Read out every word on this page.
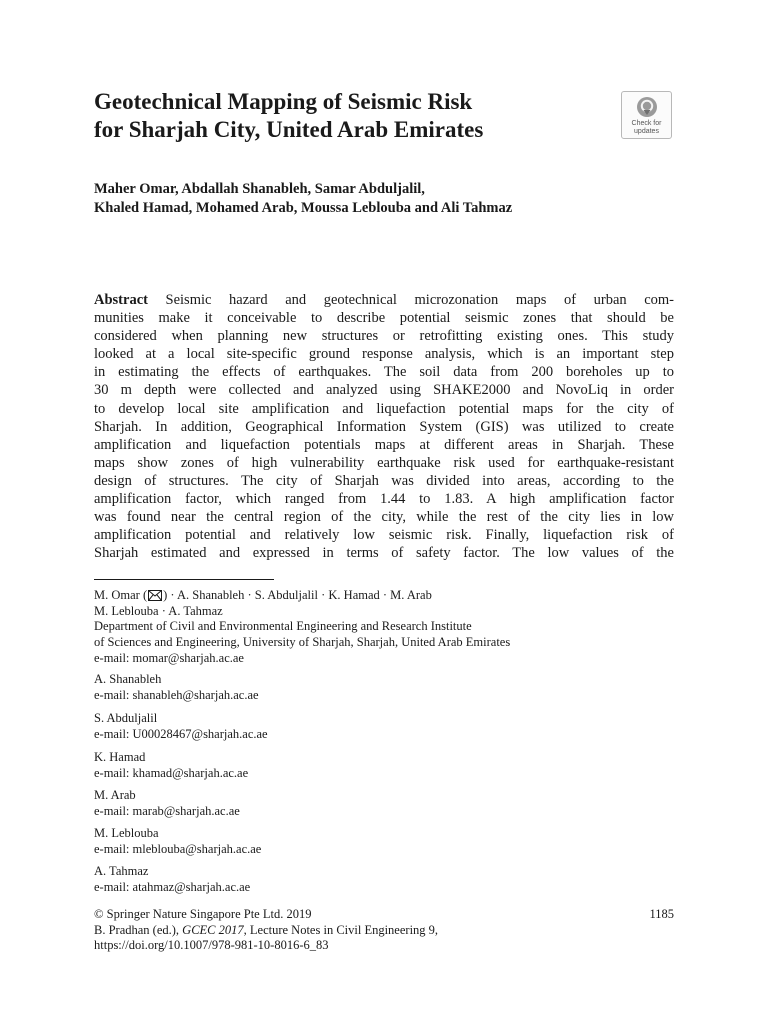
Geotechnical Mapping of Seismic Risk
for Sharjah City, United Arab Emirates	Check for
updates
Maher Omar, Abdallah Shanableh, Samar Abduljalil,
Khaled Hamad, Mohamed Arab, Moussa Leblouba and Ali Tahmaz
Abstract Seismic hazard and geotechnical microzonation maps of urban com-
munities make it conceivable to describe potential seismic zones that should be
considered when planning new structures or retrofitting existing ones. This study
looked at a local site-specific ground response analysis, which is an important step
in estimating the effects of earthquakes. The soil data from 200 boreholes up to
30 m depth were collected and analyzed using SHAKE2000 and NovoLiq in order
to develop local site amplification and liquefaction potential maps for the city of
Sharjah. In addition, Geographical Information System (GIS) was utilized to create
amplification and liquefaction potentials maps at different areas in Sharjah. These
maps show zones of high vulnerability earthquake risk used for earthquake-resistant
design of structures. The city of Sharjah was divided into areas, according to the
amplification factor, which ranged from 1.44 to 1.83. A high amplification factor
was found near the central region of the city, while the rest of the city lies in low
amplification potential and relatively low seismic risk. Finally, liquefaction risk of
Sharjah estimated and expressed in terms of safety factor. The low values of the
M. Omar ( ) · A. Shanableh · S. Abduljalil · K. Hamad · M. Arab
M. Leblouba · A. Tahmaz
Department of Civil and Environmental Engineering and Research Institute
of Sciences and Engineering, University of Sharjah, Sharjah, United Arab Emirates
e-mail: momar@sharjah.ac.ae
A. Shanableh
e-mail: shanableh@sharjah.ac.ae
S. Abduljalil
e-mail: U00028467@sharjah.ac.ae
K. Hamad
e-mail: khamad@sharjah.ac.ae
M. Arab
e-mail: marab@sharjah.ac.ae
M. Leblouba
e-mail: mleblouba@sharjah.ac.ae
A. Tahmaz
e-mail: atahmaz@sharjah.ac.ae
© Springer Nature Singapore Pte Ltd. 2019
B. Pradhan (ed.), GCEC 2017, Lecture Notes in Civil Engineering 9,
https://doi.org/10.1007/978-981-10-8016-6_83
1185
